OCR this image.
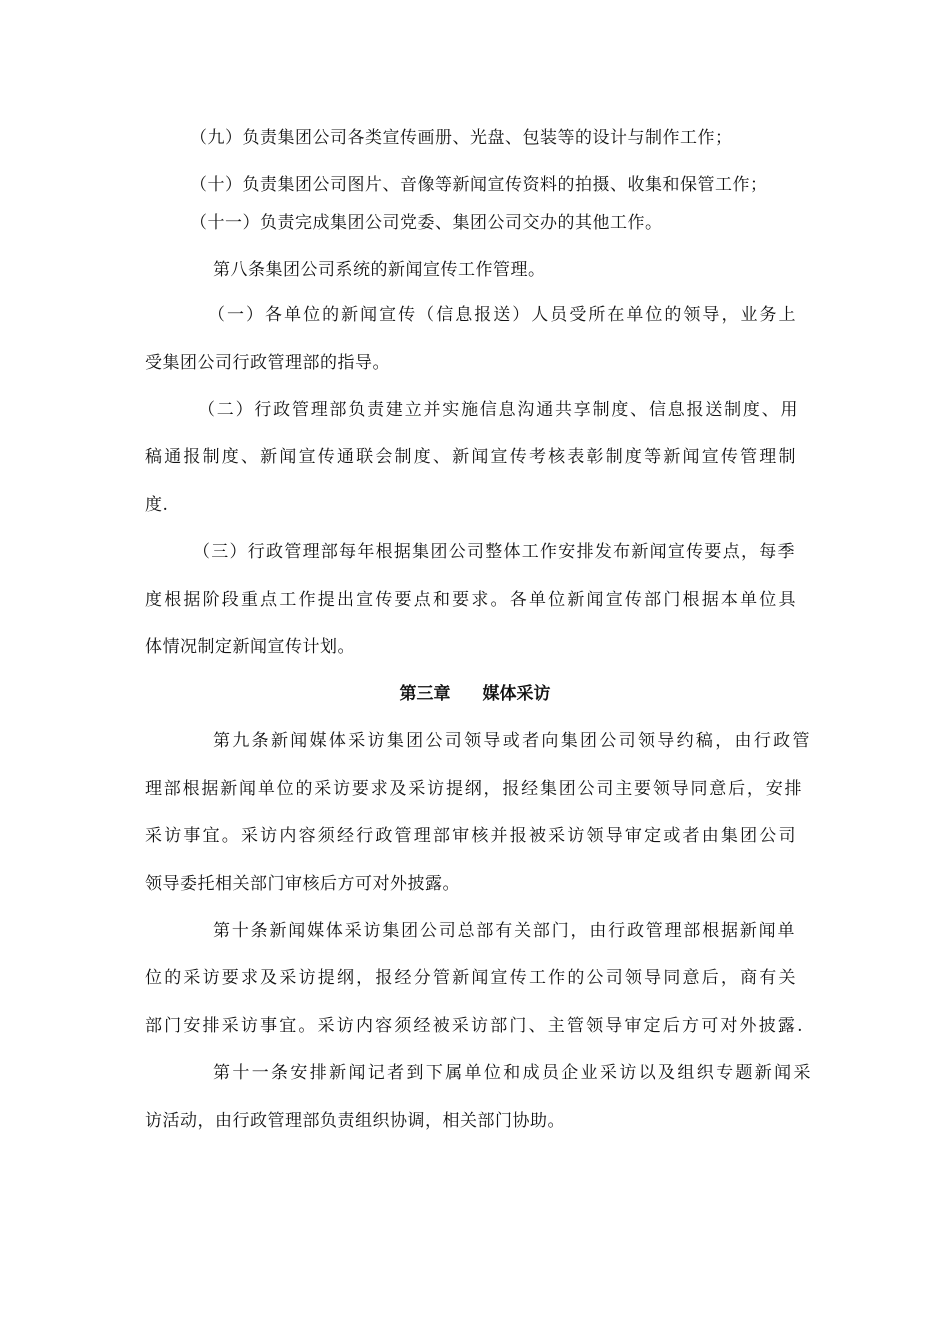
（九）负责集团公司各类宣传画册、光盘、包装等的设计与制作工作；
（十）负责集团公司图片、音像等新闻宣传资料的拍摄、收集和保管工作；
（十一）负责完成集团公司党委、集团公司交办的其他工作。
第八条集团公司系统的新闻宣传工作管理。
（一）各单位的新闻宣传（信息报送）人员受所在单位的领导，业务上
受集团公司行政管理部的指导。
（二）行政管理部负责建立并实施信息沟通共享制度、信息报送制度、用
稿通报制度、新闻宣传通联会制度、新闻宣传考核表彰制度等新闻宣传管理制
度.
（三）行政管理部每年根据集团公司整体工作安排发布新闻宣传要点，每季
度根据阶段重点工作提出宣传要点和要求。各单位新闻宣传部门根据本单位具
体情况制定新闻宣传计划。
第三章 媒体采访
第九条新闻媒体采访集团公司领导或者向集团公司领导约稿，由行政管
理部根据新闻单位的采访要求及采访提纲，报经集团公司主要领导同意后，安排
采访事宜。采访内容须经行政管理部审核并报被采访领导审定或者由集团公司
领导委托相关部门审核后方可对外披露。
第十条新闻媒体采访集团公司总部有关部门，由行政管理部根据新闻单
位的采访要求及采访提纲，报经分管新闻宣传工作的公司领导同意后，商有关
部门安排采访事宜。采访内容须经被采访部门、主管领导审定后方可对外披露.
第十一条安排新闻记者到下属单位和成员企业采访以及组织专题新闻采
访活动，由行政管理部负责组织协调，相关部门协助。
